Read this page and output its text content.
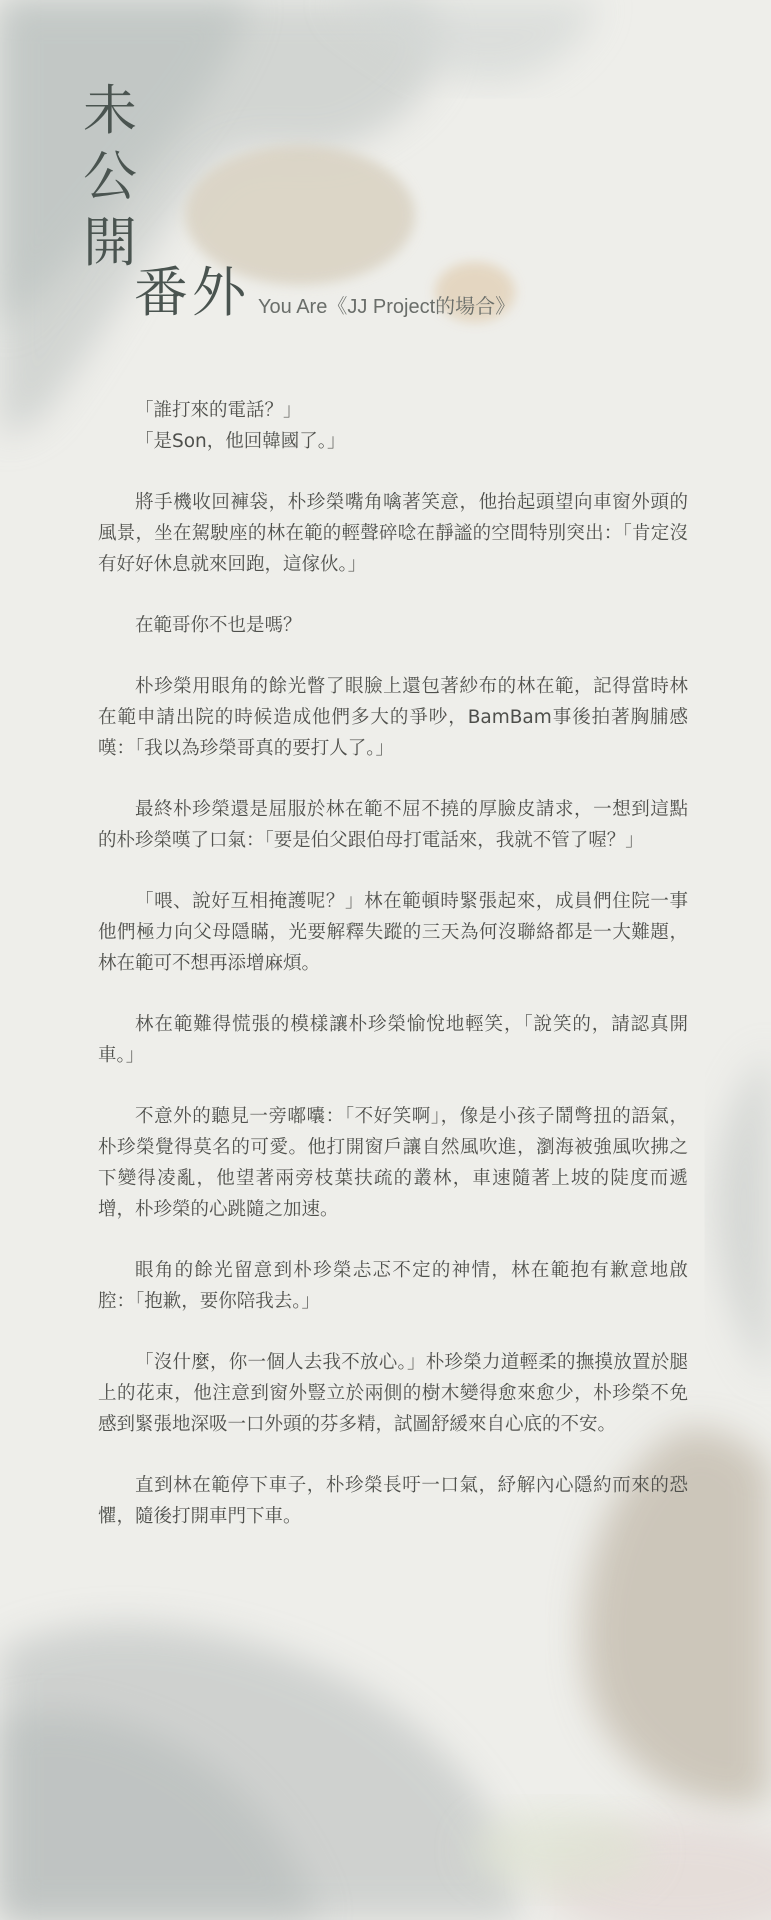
未
公
開
番外 You Are《JJ Project的場合》

「誰打來的電話？」

「是Son，他回韓國了。」

將手機收回褲袋，朴珍榮嘴角噙著笑意，他抬起頭望向車窗外頭的風景，坐在駕駛座的林在範的輕聲碎唸在靜謐的空間特別突出：「肯定沒有好好休息就來回跑，這傢伙。」

在範哥你不也是嗎？

朴珍榮用眼角的餘光瞥了眼臉上還包著紗布的林在範，記得當時林在範申請出院的時候造成他們多大的爭吵，BamBam事後拍著胸脯感嘆：「我以為珍榮哥真的要打人了。」

最終朴珍榮還是屈服於林在範不屈不撓的厚臉皮請求，一想到這點的朴珍榮嘆了口氣：「要是伯父跟伯母打電話來，我就不管了喔？」

「喂、說好互相掩護呢？」林在範頓時緊張起來，成員們住院一事他們極力向父母隱瞞，光要解釋失蹤的三天為何沒聯絡都是一大難題，林在範可不想再添增麻煩。

林在範難得慌張的模樣讓朴珍榮愉悅地輕笑，「說笑的，請認真開車。」

不意外的聽見一旁嘟囔：「不好笑啊」，像是小孩子鬧彆扭的語氣，朴珍榮覺得莫名的可愛。他打開窗戶讓自然風吹進，瀏海被強風吹拂之下變得凌亂，他望著兩旁枝葉扶疏的叢林，車速隨著上坡的陡度而遞增，朴珍榮的心跳隨之加速。

眼角的餘光留意到朴珍榮忐忑不定的神情，林在範抱有歉意地啟腔：「抱歉，要你陪我去。」

「沒什麼，你一個人去我不放心。」朴珍榮力道輕柔的撫摸放置於腿上的花束，他注意到窗外豎立於兩側的樹木變得愈來愈少，朴珍榮不免感到緊張地深吸一口外頭的芬多精，試圖舒緩來自心底的不安。

直到林在範停下車子，朴珍榮長吁一口氣，紓解內心隱約而來的恐懼，隨後打開車門下車。
